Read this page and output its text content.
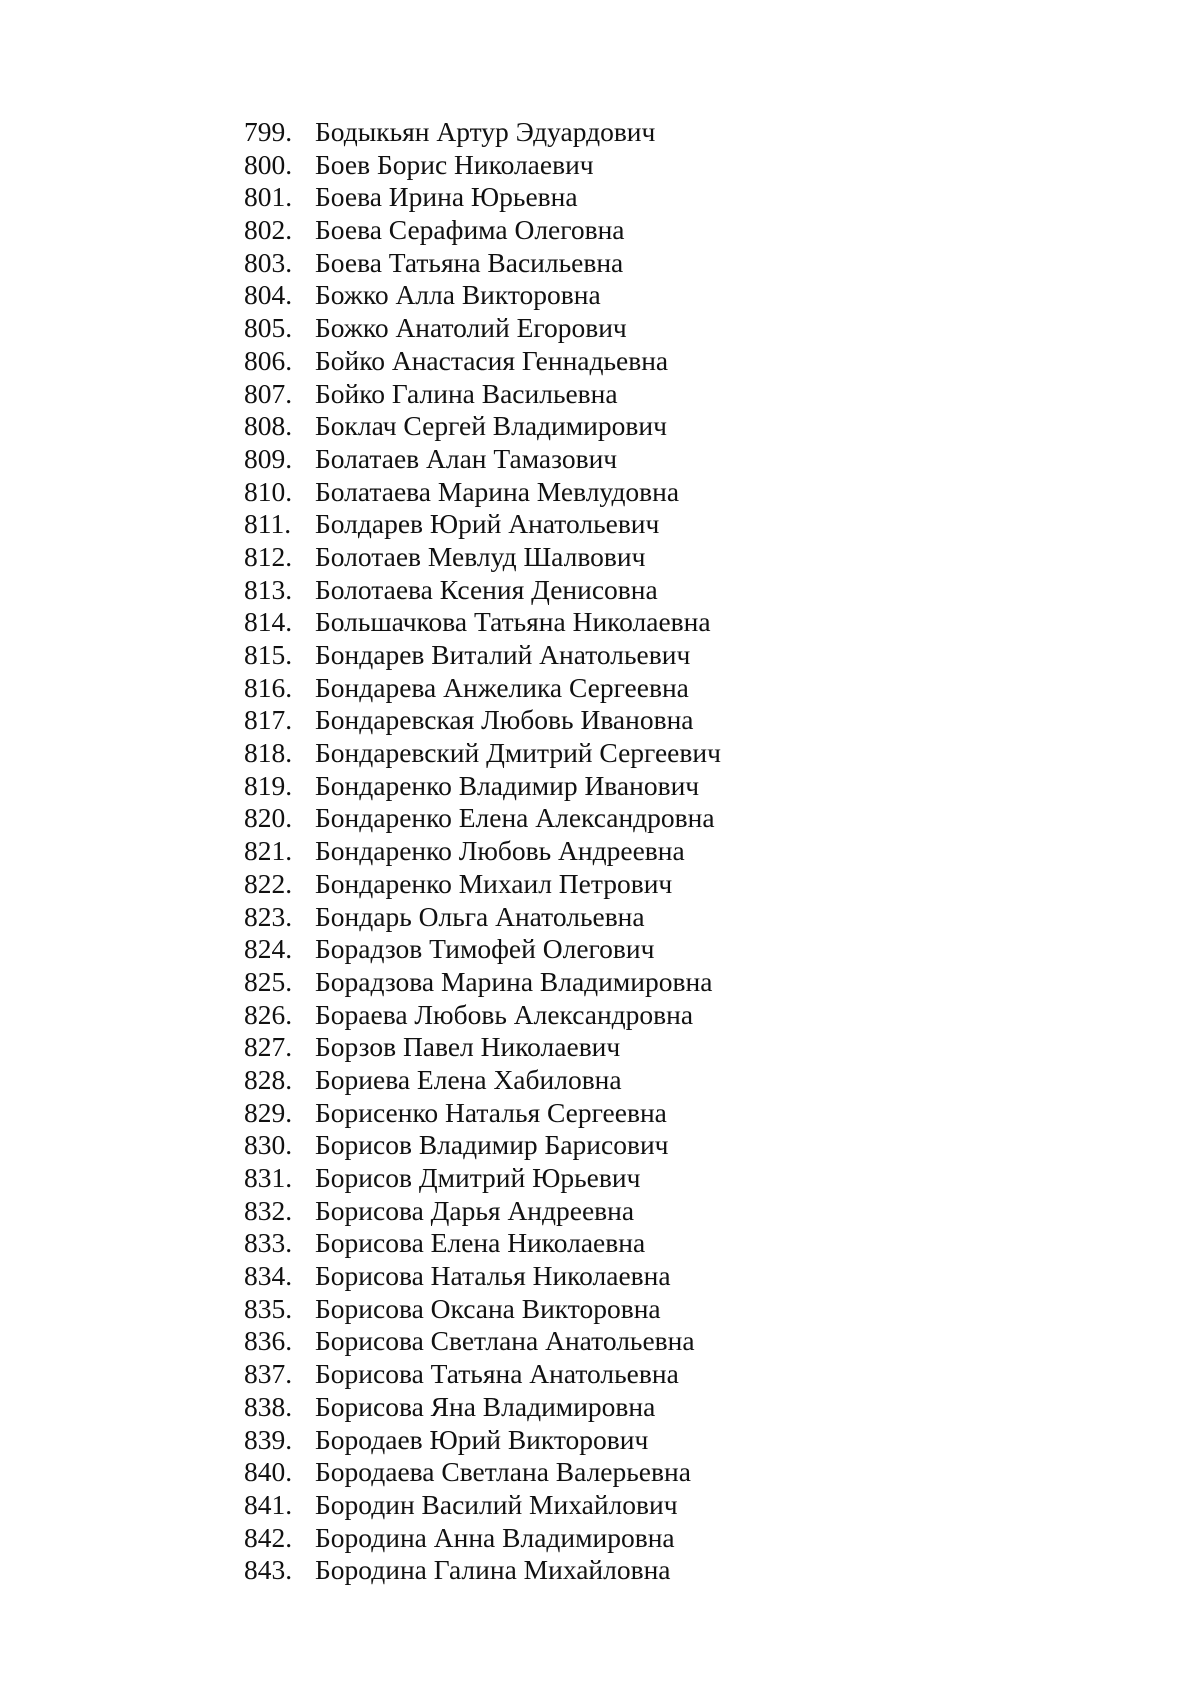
799. Бодыкьян Артур Эдуардович
800. Боев Борис Николаевич
801. Боева Ирина Юрьевна
802. Боева Серафима Олеговна
803. Боева Татьяна Васильевна
804. Божко Алла Викторовна
805. Божко Анатолий Егорович
806. Бойко Анастасия Геннадьевна
807. Бойко Галина Васильевна
808. Боклач Сергей Владимирович
809. Болатаев Алан Тамазович
810. Болатаева Марина Мевлудовна
811. Болдарев Юрий Анатольевич
812. Болотаев Мевлуд Шалвович
813. Болотаева Ксения Денисовна
814. Большачкова Татьяна Николаевна
815. Бондарев Виталий Анатольевич
816. Бондарева Анжелика Сергеевна
817. Бондаревская Любовь Ивановна
818. Бондаревский Дмитрий Сергеевич
819. Бондаренко Владимир Иванович
820. Бондаренко Елена Александровна
821. Бондаренко Любовь Андреевна
822. Бондаренко Михаил Петрович
823. Бондарь Ольга Анатольевна
824. Борадзов Тимофей Олегович
825. Борадзова Марина Владимировна
826. Бораева Любовь Александровна
827. Борзов Павел Николаевич
828. Бориева Елена Хабиловна
829. Борисенко Наталья Сергеевна
830. Борисов Владимир Барисович
831. Борисов Дмитрий Юрьевич
832. Борисова Дарья Андреевна
833. Борисова Елена Николаевна
834. Борисова Наталья Николаевна
835. Борисова Оксана Викторовна
836. Борисова Светлана Анатольевна
837. Борисова Татьяна Анатольевна
838. Борисова Яна Владимировна
839. Бородаев Юрий Викторович
840. Бородаева Светлана Валерьевна
841. Бородин Василий Михайлович
842. Бородина Анна Владимировна
843. Бородина Галина Михайловна
